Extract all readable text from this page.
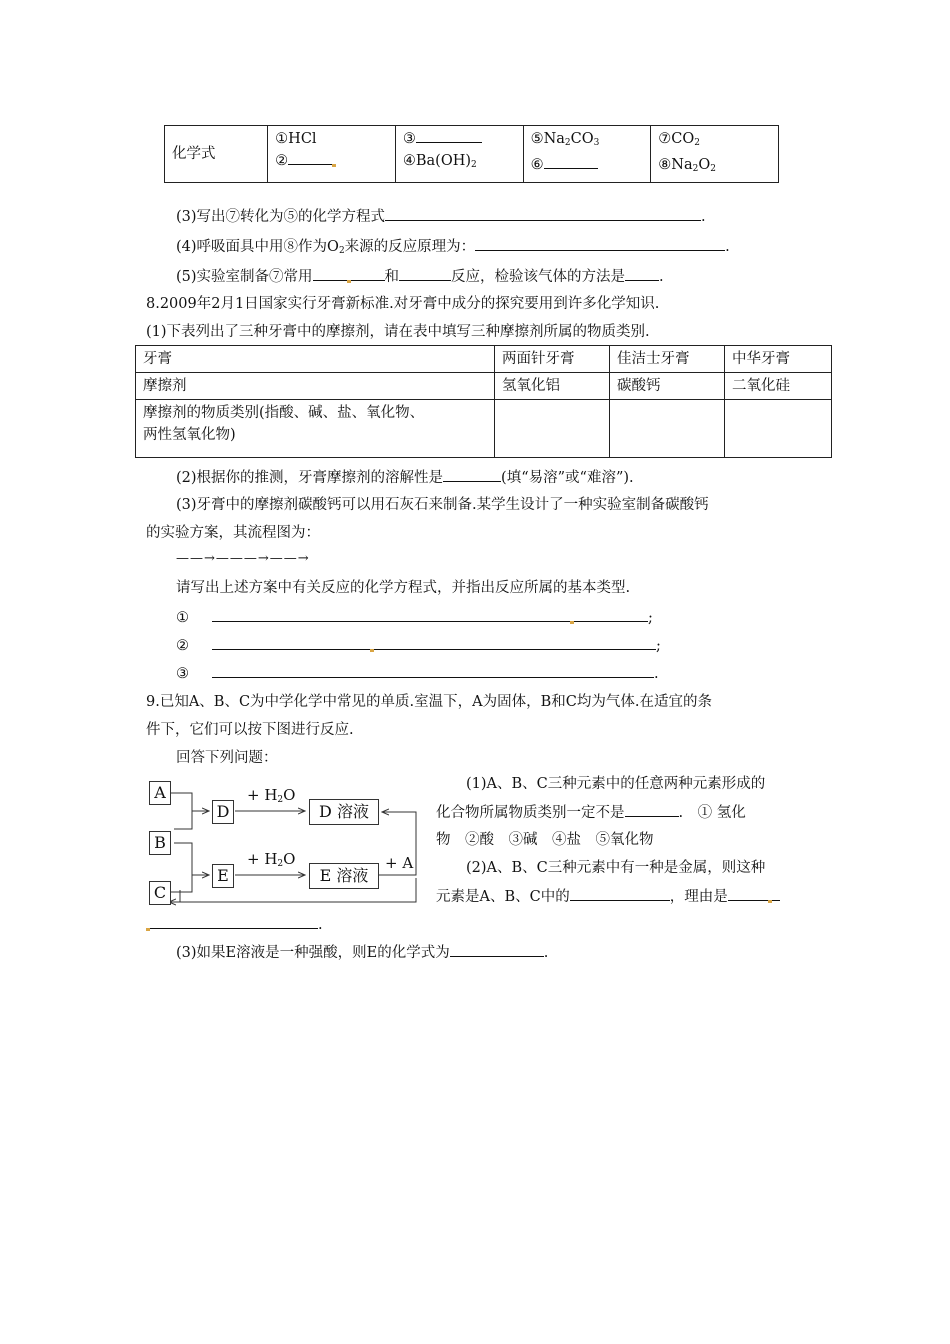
化学式	
①HCl
②

③
$④Ba(OH)_2$

$⑤Na_2CO_3$
⑥

$⑦CO_2$
$⑧Na_2O_2$
(3)写出⑦转化为⑤的化学方程式	.
(4)呼吸面具中用⑧作为$O_2$来源的反应原理为：	.
(5)实验室制备⑦常用	和	反应，检验该气体的方法是 .
8.2009年2月1日国家实行牙膏新标准.对牙膏中成分的探究要用到许多化学知识.
(1)下表列出了三种牙膏中的摩擦剂，请在表中填写三种摩擦剂所属的物质类别.
牙膏	两面针牙膏	佳洁士牙膏	中华牙膏
摩擦剂	氢氧化铝	碳酸钙	二氧化硅

摩擦剂的物质类别(指酸、碱、盐、氧化物、
两性氢氧化物)			

(2)根据你的推测，牙膏摩擦剂的溶解性是	(填“易溶”或“难溶”).
(3)牙膏中的摩擦剂碳酸钙可以用石灰石来制备.某学生设计了一种实验室制备碳酸钙
的实验方案，其流程图为：
——→———→——→
请写出上述方案中有关反应的化学方程式，并指出反应所属的基本类型.
①	;
②	;
③	.
9.已知A、B、C为中学化学中常见的单质.室温下，A为固体，B和C均为气体.在适宜的条
件下，它们可以按下图进行反应.
回答下列问题：
A
B
C
D
E
D 溶液
E 溶液
+ $H_2O$
+ $H_2O$	+ A
(1)A、B、C三种元素中的任意两种元素形成的
化合物所属物质类别一定不是	.　① 氢化
物　②酸　③碱　④盐　⑤氧化物
(2)A、B、C三种元素中有一种是金属，则这种
元素是A、B、C中的	，理由是
.
(3)如果E溶液是一种强酸，则E的化学式为	.
